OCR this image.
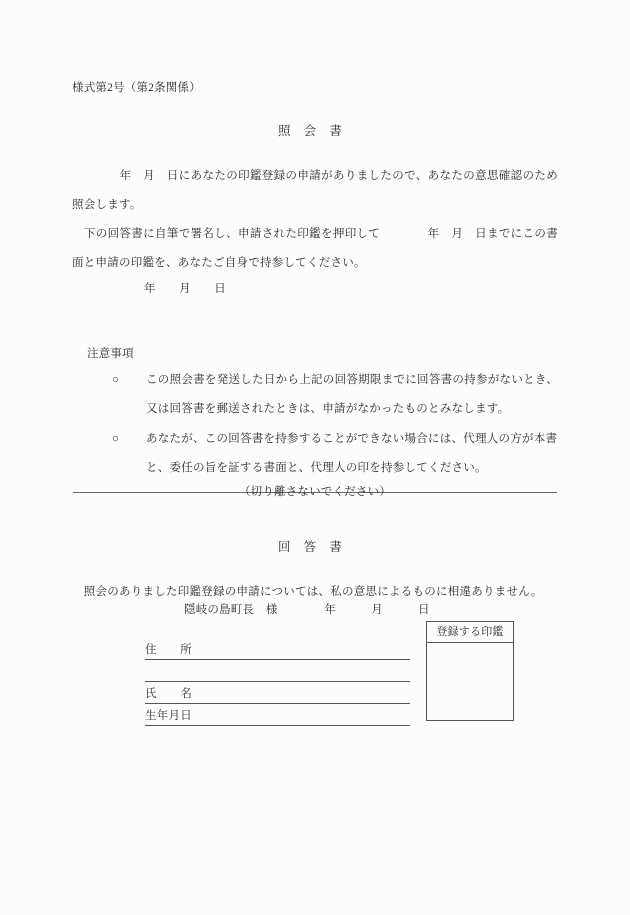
様式第2号（第2条関係）
照　会　書
　　　　年　月　日にあなたの印鑑登録の申請がありましたので、あなたの意思確認のため照会します。
　下の回答書に自筆で署名し、申請された印鑑を押印して　　　　年　月　日までにこの書面と申請の印鑑を、あなたご自身で持参してください。
年　　月　　日
注意事項
○ この照会書を発送した日から上記の回答期限までに回答書の持参がないとき、又は回答書を郵送されたときは、申請がなかったものとみなします。
○ あなたが、この回答書を持参することができない場合には、代理人の方が本書と、委任の旨を証する書面と、代理人の印を持参してください。
（切り離さないでください）
回　答　書
　照会のありました印鑑登録の申請については、私の意思によるものに相違ありません。
隠岐の島町長　様　　　　年　　　月　　　日
住　　所
氏　　名
生年月日
登録する印鑑
